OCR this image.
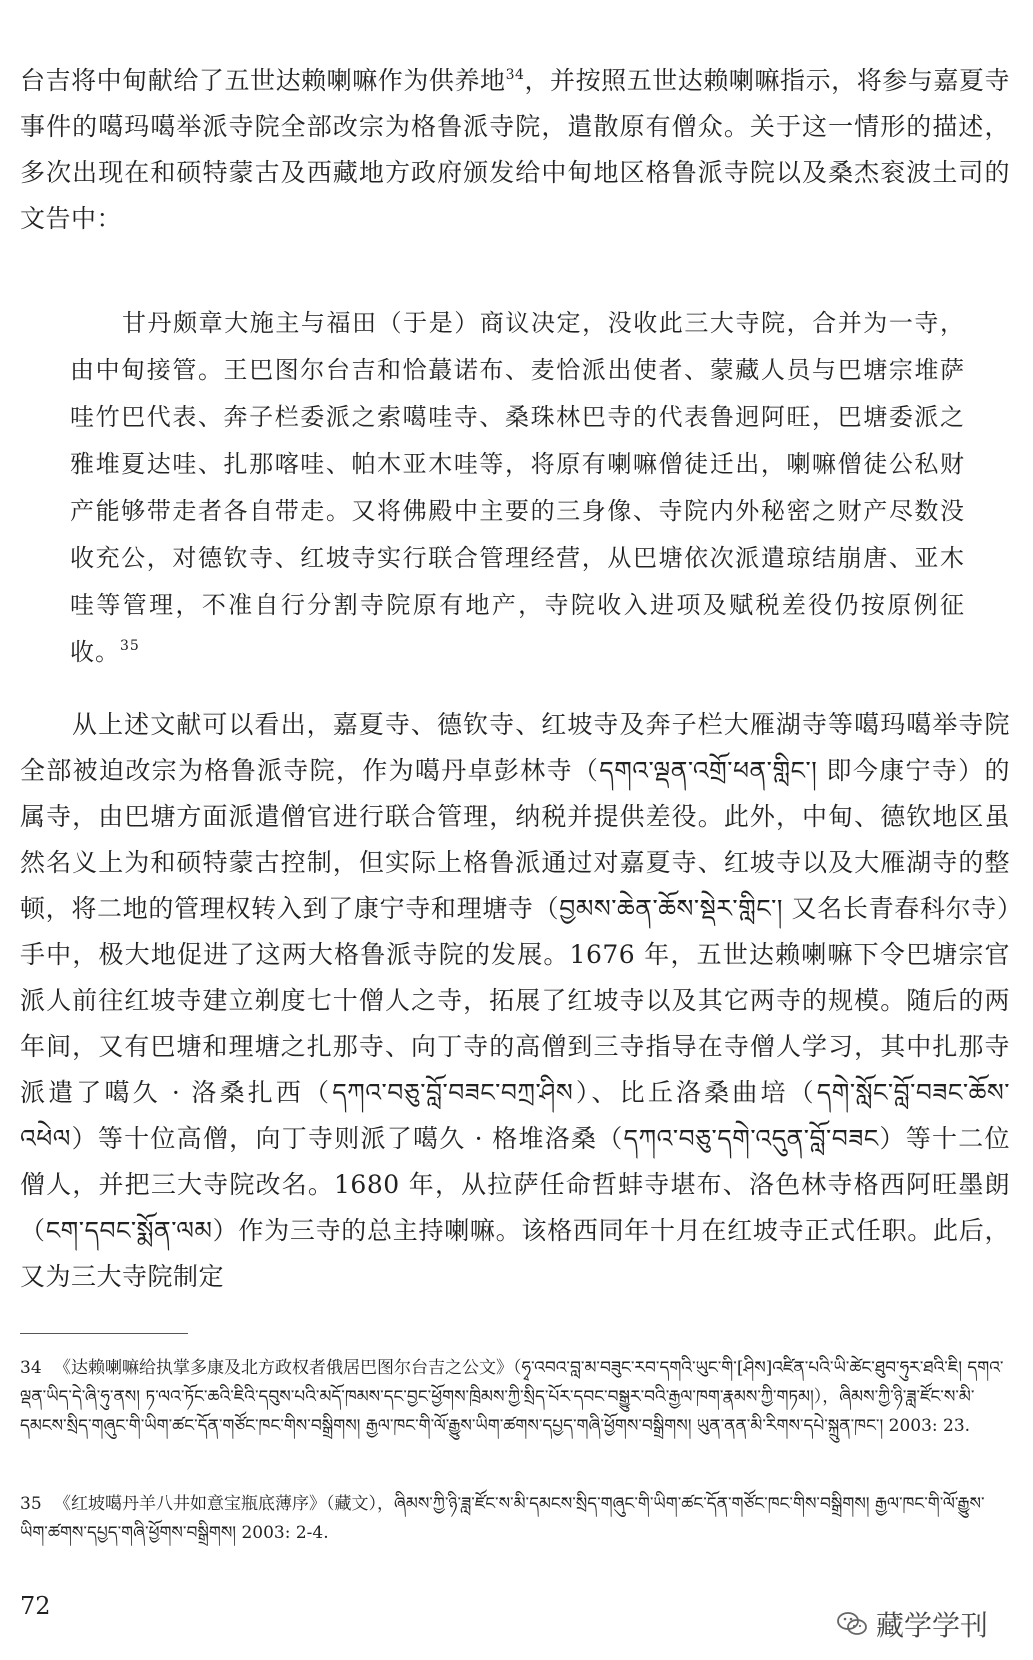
台吉将中甸献给了五世达赖喇嘛作为供养地$^{34}$，并按照五世达赖喇嘛指示，将参与嘉夏寺事件的噶玛噶举派寺院全部改宗为格鲁派寺院，遣散原有僧众。关于这一情形的描述，多次出现在和硕特蒙古及西藏地方政府颁发给中甸地区格鲁派寺院以及桑杰衮波土司的文告中：

甘丹颇章大施主与福田（于是）商议决定，没收此三大寺院，合并为一寺，由中甸接管。王巴图尔台吉和恰蕞诺布、麦恰派出使者、蒙藏人员与巴塘宗堆萨哇竹巴代表、奔子栏委派之索噶哇寺、桑珠林巴寺的代表鲁迥阿旺，巴塘委派之雅堆夏达哇、扎那喀哇、帕木亚木哇等，将原有喇嘛僧徒迁出，喇嘛僧徒公私财产能够带走者各自带走。又将佛殿中主要的三身像、寺院内外秘密之财产尽数没收充公，对德钦寺、红坡寺实行联合管理经营，从巴塘依次派遣琼结崩唐、亚木哇等管理，不准自行分割寺院原有地产，寺院收入进项及赋税差役仍按原例征收。$^{35}$

从上述文献可以看出，嘉夏寺、德钦寺、红坡寺及奔子栏大雁湖寺等噶玛噶举寺院全部被迫改宗为格鲁派寺院，作为噶丹卓彭林寺（དགའ་ལྡན་འགྲོ་ཕན་གླིང་། 即今康宁寺）的属寺，由巴塘方面派遣僧官进行联合管理，纳税并提供差役。此外，中甸、德钦地区虽然名义上为和硕特蒙古控制，但实际上格鲁派通过对嘉夏寺、红坡寺以及大雁湖寺的整顿，将二地的管理权转入到了康宁寺和理塘寺（བྱམས་ཆེན་ཆོས་སྡེར་གླིང་། 又名长青春科尔寺）手中，极大地促进了这两大格鲁派寺院的发展。1676 年，五世达赖喇嘛下令巴塘宗官派人前往红坡寺建立剃度七十僧人之寺，拓展了红坡寺以及其它两寺的规模。随后的两年间，又有巴塘和理塘之扎那寺、向丁寺的高僧到三寺指导在寺僧人学习，其中扎那寺派遣了噶久 · 洛桑扎西（དཀའ་བཅུ་བློ་བཟང་བཀྲ་ཤིས）、比丘洛桑曲培（དགེ་སློང་བློ་བཟང་ཆོས་འཕེལ）等十位高僧，向丁寺则派了噶久 · 格堆洛桑（དཀའ་བཅུ་དགེ་འདུན་བློ་བཟང）等十二位僧人，并把三大寺院改名。1680 年，从拉萨任命哲蚌寺堪布、洛色林寺格西阿旺墨朗（ངག་དབང་སྨོན་ལམ）作为三寺的总主持喇嘛。该格西同年十月在红坡寺正式任职。此后，又为三大寺院制定

34 《达赖喇嘛给执掌多康及北方政权者俄居巴图尔台吉之公文》（ཧྭ་འབའ་བླ་མ་བཟུང་རབ་དགའི་ཡུང་གི་[ཤིས]འཛིན་པའི་ཡི་ཚེང་ཐུབ་ཧུར་ཐའི་ཇི། དགའ་ལྡན་ཡིད་དེ་ཞི་ཧུ་ནས། ཏ་ལའ་ཏོང་ཆའི་ཇིའི་དབུས་པའི་མདོ་ཁམས་དང་བྱང་ཕྱོགས་ཁྲིམས་ཀྱི་སྲིད་པོར་དབང་བསྒྱུར་བའི་རྒྱལ་ཁག་རྣམས་ཀྱི་གཏམ།），ཞིམས་ཀྱི་ཉི་ཟླ་ཛོང་ས་མི་དམངས་སྲིད་གཞུང་གི་ཡིག་ཚང་དོན་གཙོང་ཁང་གིས་བསྒྲིགས། རྒྱལ་ཁང་གི་ལོ་རྒྱུས་ཡིག་ཚགས་དཔྱད་གཞི་ཕྱོགས་བསྒྲིགས། ཡུན་ནན་མི་རིགས་དཔེ་སྐྲུན་ཁང་། 2003: 23.

35 《红坡噶丹羊八井如意宝瓶底薄序》（藏文），ཞིམས་ཀྱི་ཉི་ཟླ་ཛོང་ས་མི་དམངས་སྲིད་གཞུང་གི་ཡིག་ཚང་དོན་གཙོང་ཁང་གིས་བསྒྲིགས། རྒྱལ་ཁང་གི་ལོ་རྒྱུས་ཡིག་ཚགས་དཔྱད་གཞི་ཕྱོགས་བསྒྲིགས། 2003: 2-4.

72
藏学学刊
